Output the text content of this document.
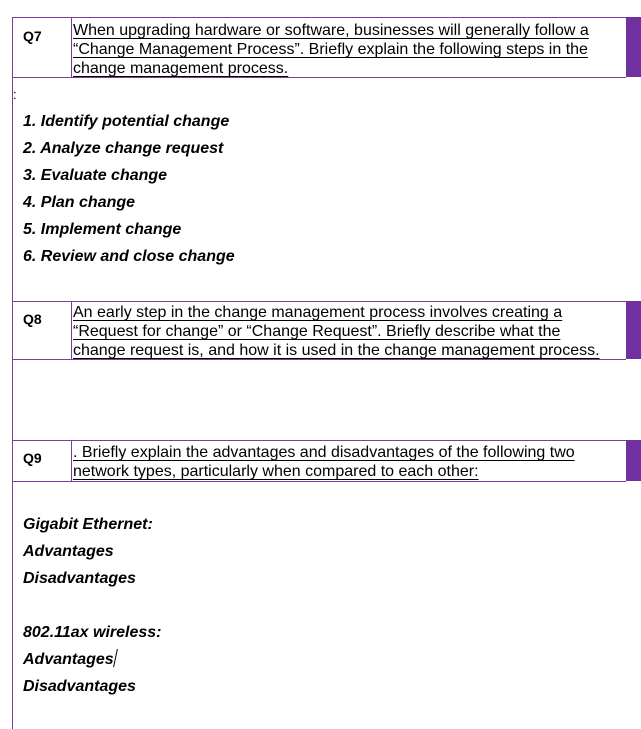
Q7 When upgrading hardware or software, businesses will generally follow a
“Change Management Process”. Briefly explain the following steps in the
change management process.
:
1. Identify potential change
2. Analyze change request
3. Evaluate change
4. Plan change
5. Implement change
6. Review and close change
Q8 An early step in the change management process involves creating a
“Request for change” or “Change Request”. Briefly describe what the
change request is, and how it is used in the change management process.
Q9 . Briefly explain the advantages and disadvantages of the following two
network types, particularly when compared to each other:
Gigabit Ethernet:
Advantages
Disadvantages
802.11ax wireless:
Advantages
Disadvantages
